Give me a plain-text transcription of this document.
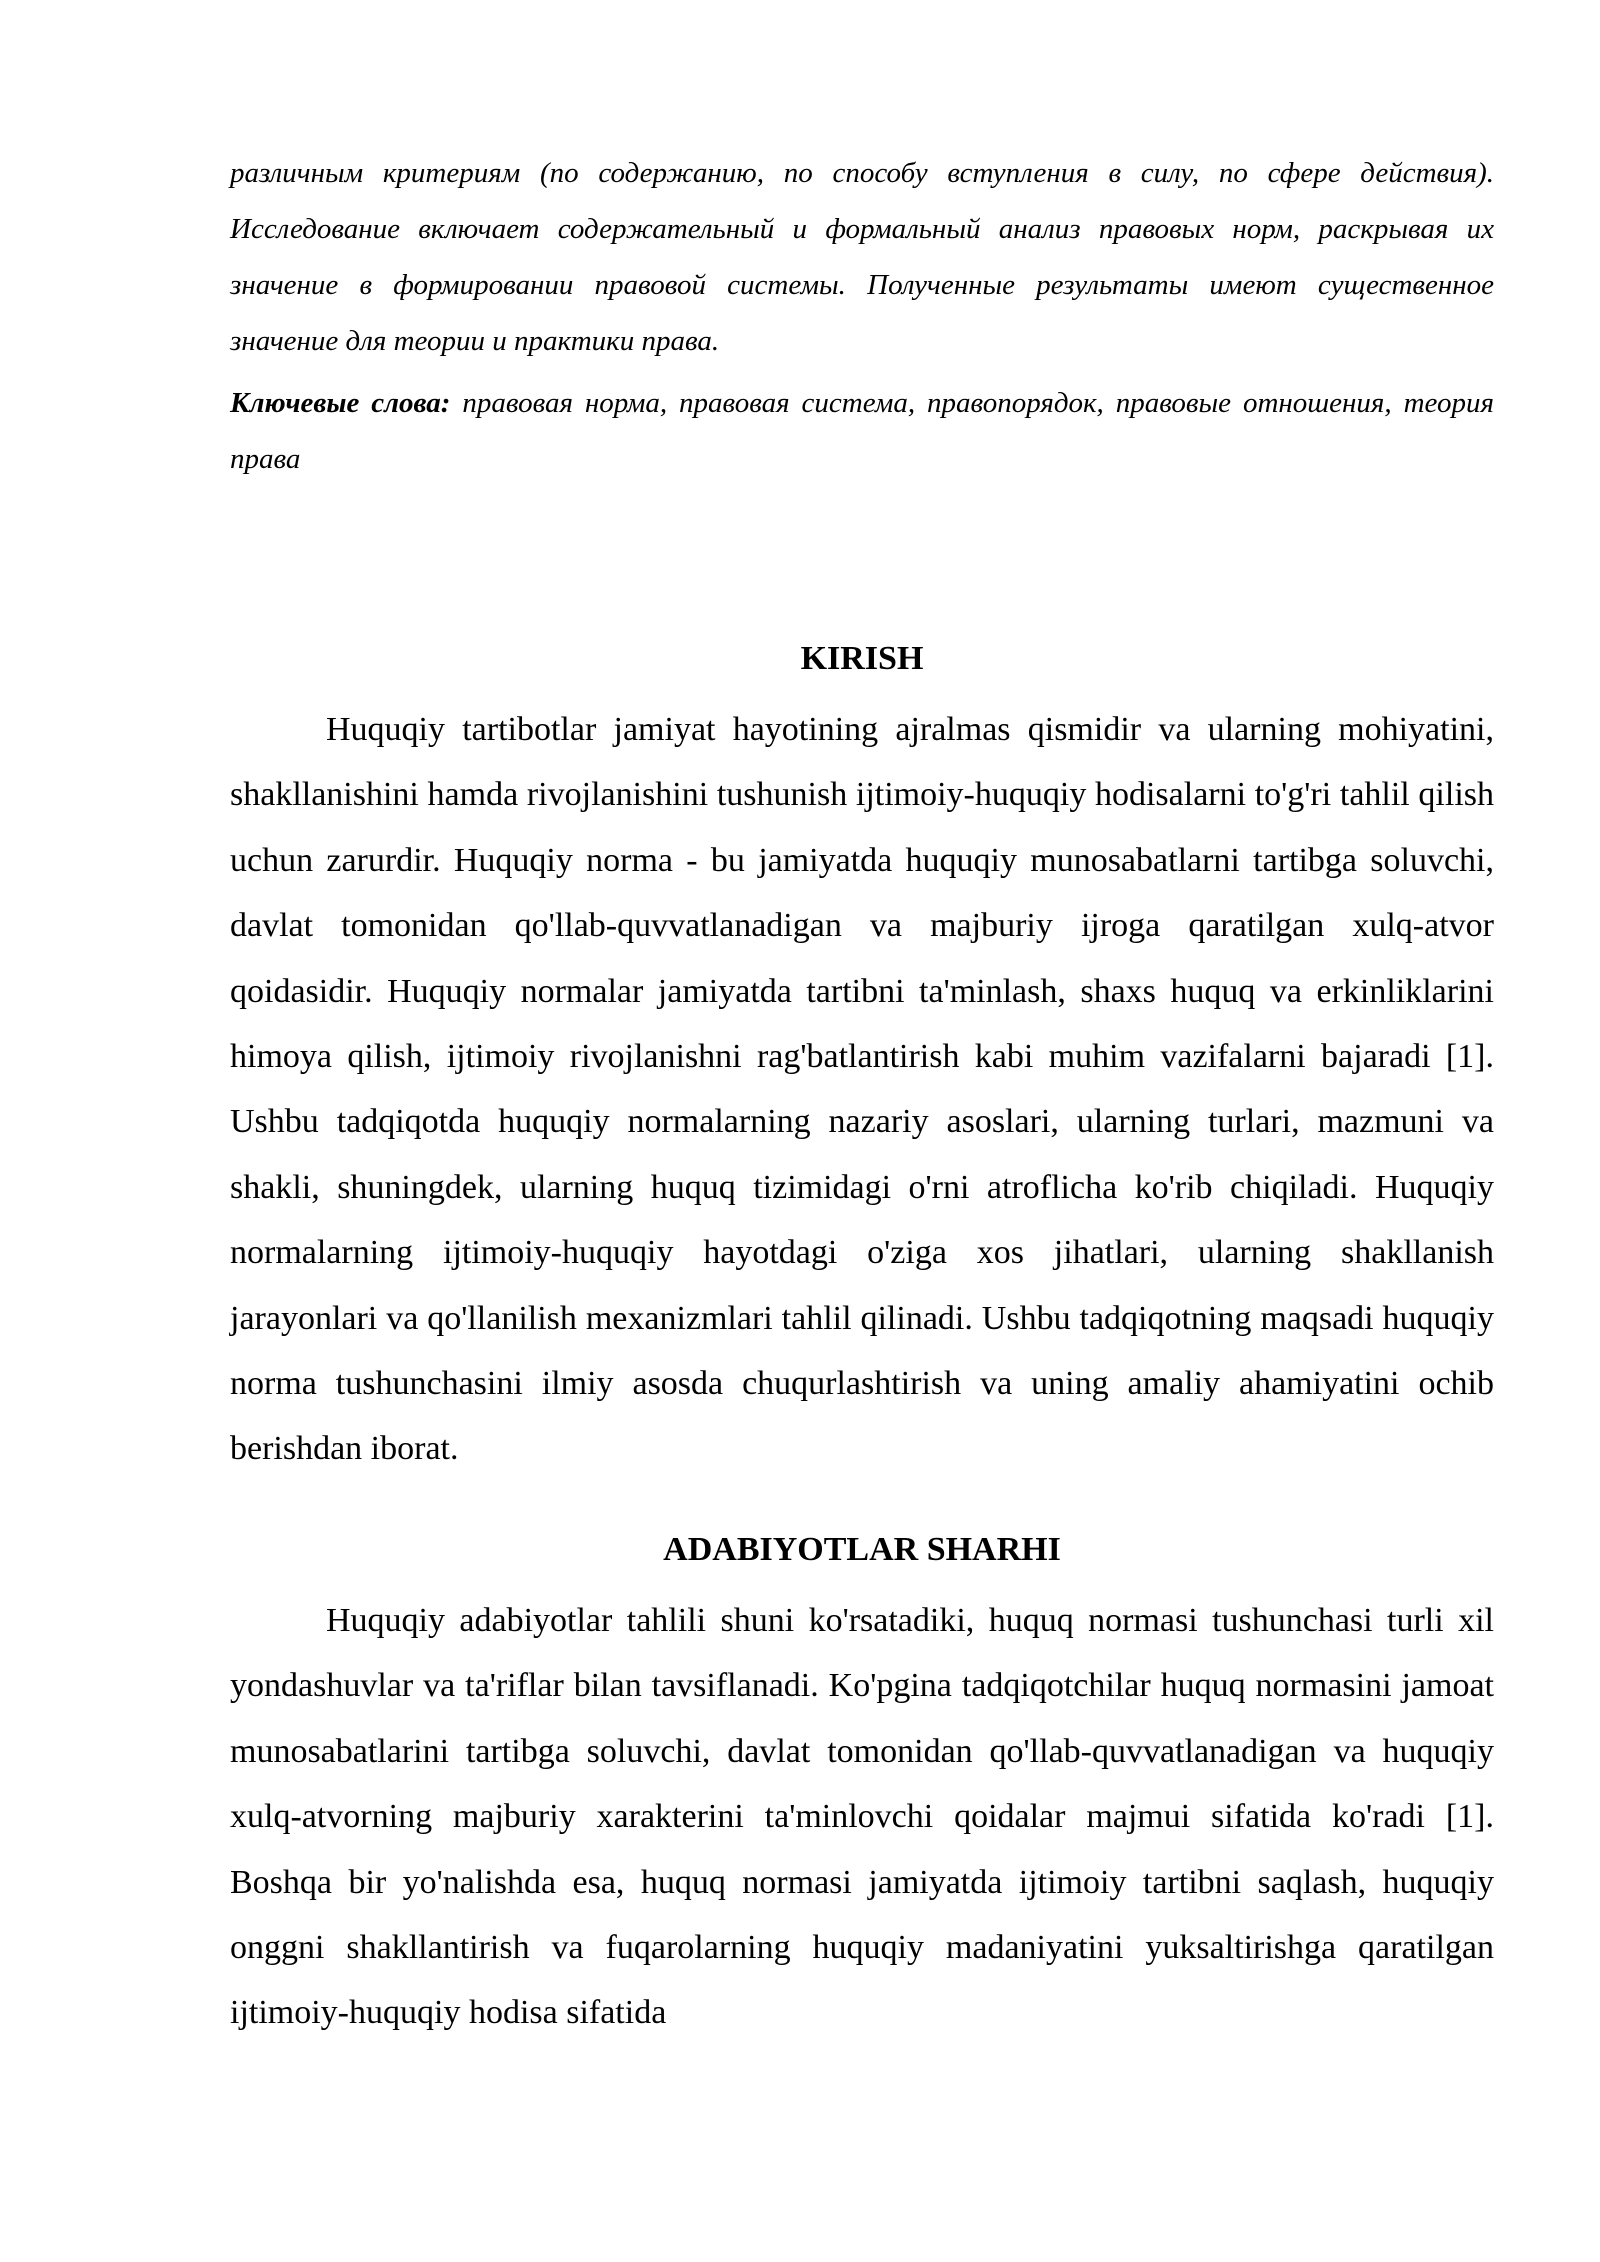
различным критериям (по содержанию, по способу вступления в силу, по сфере действия). Исследование включает содержательный и формальный анализ правовых норм, раскрывая их значение в формировании правовой системы. Полученные результаты имеют существенное значение для теории и практики права.

Ключевые слова: правовая норма, правовая система, правопорядок, правовые отношения, теория права

KIRISH

Huquqiy tartibotlar jamiyat hayotining ajralmas qismidir va ularning mohiyatini, shakllanishini hamda rivojlanishini tushunish ijtimoiy-huquqiy hodisalarni to'g'ri tahlil qilish uchun zarurdir. Huquqiy norma - bu jamiyatda huquqiy munosabatlarni tartibga soluvchi, davlat tomonidan qo'llab-quvvatlanadigan va majburiy ijroga qaratilgan xulq-atvor qoidasidir. Huquqiy normalar jamiyatda tartibni ta'minlash, shaxs huquq va erkinliklarini himoya qilish, ijtimoiy rivojlanishni rag'batlantirish kabi muhim vazifalarni bajaradi [1]. Ushbu tadqiqotda huquqiy normalarning nazariy asoslari, ularning turlari, mazmuni va shakli, shuningdek, ularning huquq tizimidagi o'rni atroflicha ko'rib chiqiladi. Huquqiy normalarning ijtimoiy-huquqiy hayotdagi o'ziga xos jihatlari, ularning shakllanish jarayonlari va qo'llanilish mexanizmlari tahlil qilinadi. Ushbu tadqiqotning maqsadi huquqiy norma tushunchasini ilmiy asosda chuqurlashtirish va uning amaliy ahamiyatini ochib berishdan iborat.

ADABIYOTLAR SHARHI

Huquqiy adabiyotlar tahlili shuni ko'rsatadiki, huquq normasi tushunchasi turli xil yondashuvlar va ta'riflar bilan tavsiflanadi. Ko'pgina tadqiqotchilar huquq normasini jamoat munosabatlarini tartibga soluvchi, davlat tomonidan qo'llab-quvvatlanadigan va huquqiy xulq-atvorning majburiy xarakterini ta'minlovchi qoidalar majmui sifatida ko'radi [1]. Boshqa bir yo'nalishda esa, huquq normasi jamiyatda ijtimoiy tartibni saqlash, huquqiy onggni shakllantirish va fuqarolarning huquqiy madaniyatini yuksaltirishga qaratilgan ijtimoiy-huquqiy hodisa sifatida
